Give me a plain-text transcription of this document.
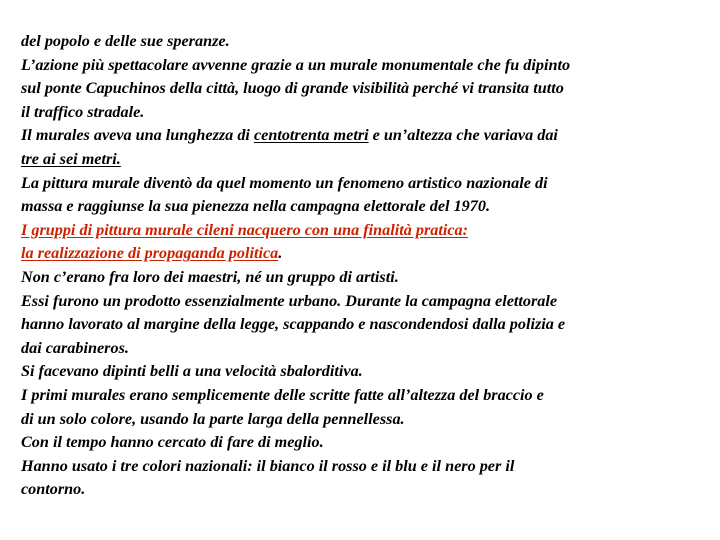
del popolo e delle sue speranze.

L’azione più spettacolare avvenne grazie a un murale monumentale che fu dipinto

sul ponte Capuchinos della città, luogo di grande visibilità perché vi transita tutto

il traffico stradale.

Il murales aveva una lunghezza di centotrenta metri e un’altezza che variava dai

tre ai sei metri.

La pittura murale diventò da quel momento un fenomeno artistico nazionale di

massa e raggiunse la sua pienezza nella campagna elettorale del 1970.

I gruppi di pittura murale cileni nacquero con una finalità pratica:

la realizzazione di propaganda politica.

Non c’erano fra loro dei maestri, né un gruppo di artisti.

Essi furono un prodotto essenzialmente urbano. Durante la campagna elettorale

hanno lavorato al margine della legge, scappando e nascondendosi dalla polizia e

dai carabineros.

Si facevano dipinti belli a una velocità sbalorditiva.

I primi murales erano semplicemente delle scritte fatte all’altezza del braccio e

di un solo colore, usando la parte larga della pennellessa.

Con il tempo hanno cercato di fare di meglio.

Hanno usato i tre colori nazionali: il bianco il rosso e il blu e il nero per il

contorno.
